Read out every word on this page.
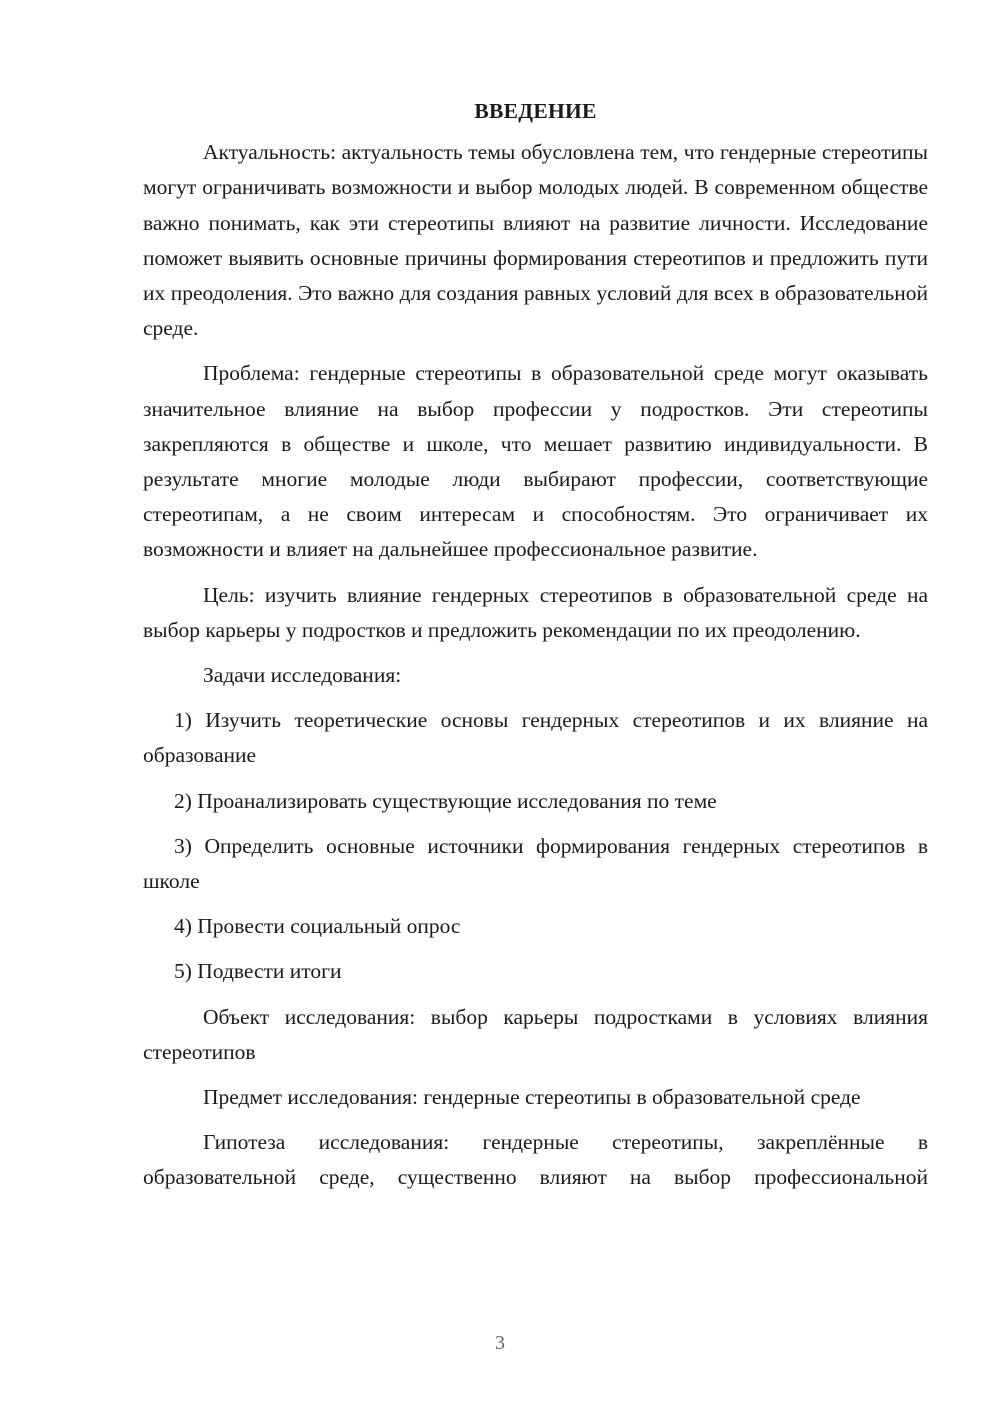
ВВЕДЕНИЕ

Актуальность: актуальность темы обусловлена тем, что гендерные стереотипы могут ограничивать возможности и выбор молодых людей. В современном обществе важно понимать, как эти стереотипы влияют на развитие личности. Исследование поможет выявить основные причины формирования стереотипов и предложить пути их преодоления. Это важно для создания равных условий для всех в образовательной среде.

Проблема: гендерные стереотипы в образовательной среде могут оказывать значительное влияние на выбор профессии у подростков. Эти стереотипы закрепляются в обществе и школе, что мешает развитию индивидуальности. В результате многие молодые люди выбирают профессии, соответствующие стереотипам, а не своим интересам и способностям. Это ограничивает их возможности и влияет на дальнейшее профессиональное развитие.

Цель: изучить влияние гендерных стереотипов в образовательной среде на выбор карьеры у подростков и предложить рекомендации по их преодолению.

Задачи исследования:

1) Изучить теоретические основы гендерных стереотипов и их влияние на образование

2) Проанализировать существующие исследования по теме

3) Определить основные источники формирования гендерных стереотипов в школе

4) Провести социальный опрос

5) Подвести итоги

Объект исследования: выбор карьеры подростками в условиях влияния стереотипов

Предмет исследования: гендерные стереотипы в образовательной среде

Гипотеза исследования: гендерные стереотипы, закреплённые в образовательной среде, существенно влияют на выбор профессиональной

3
